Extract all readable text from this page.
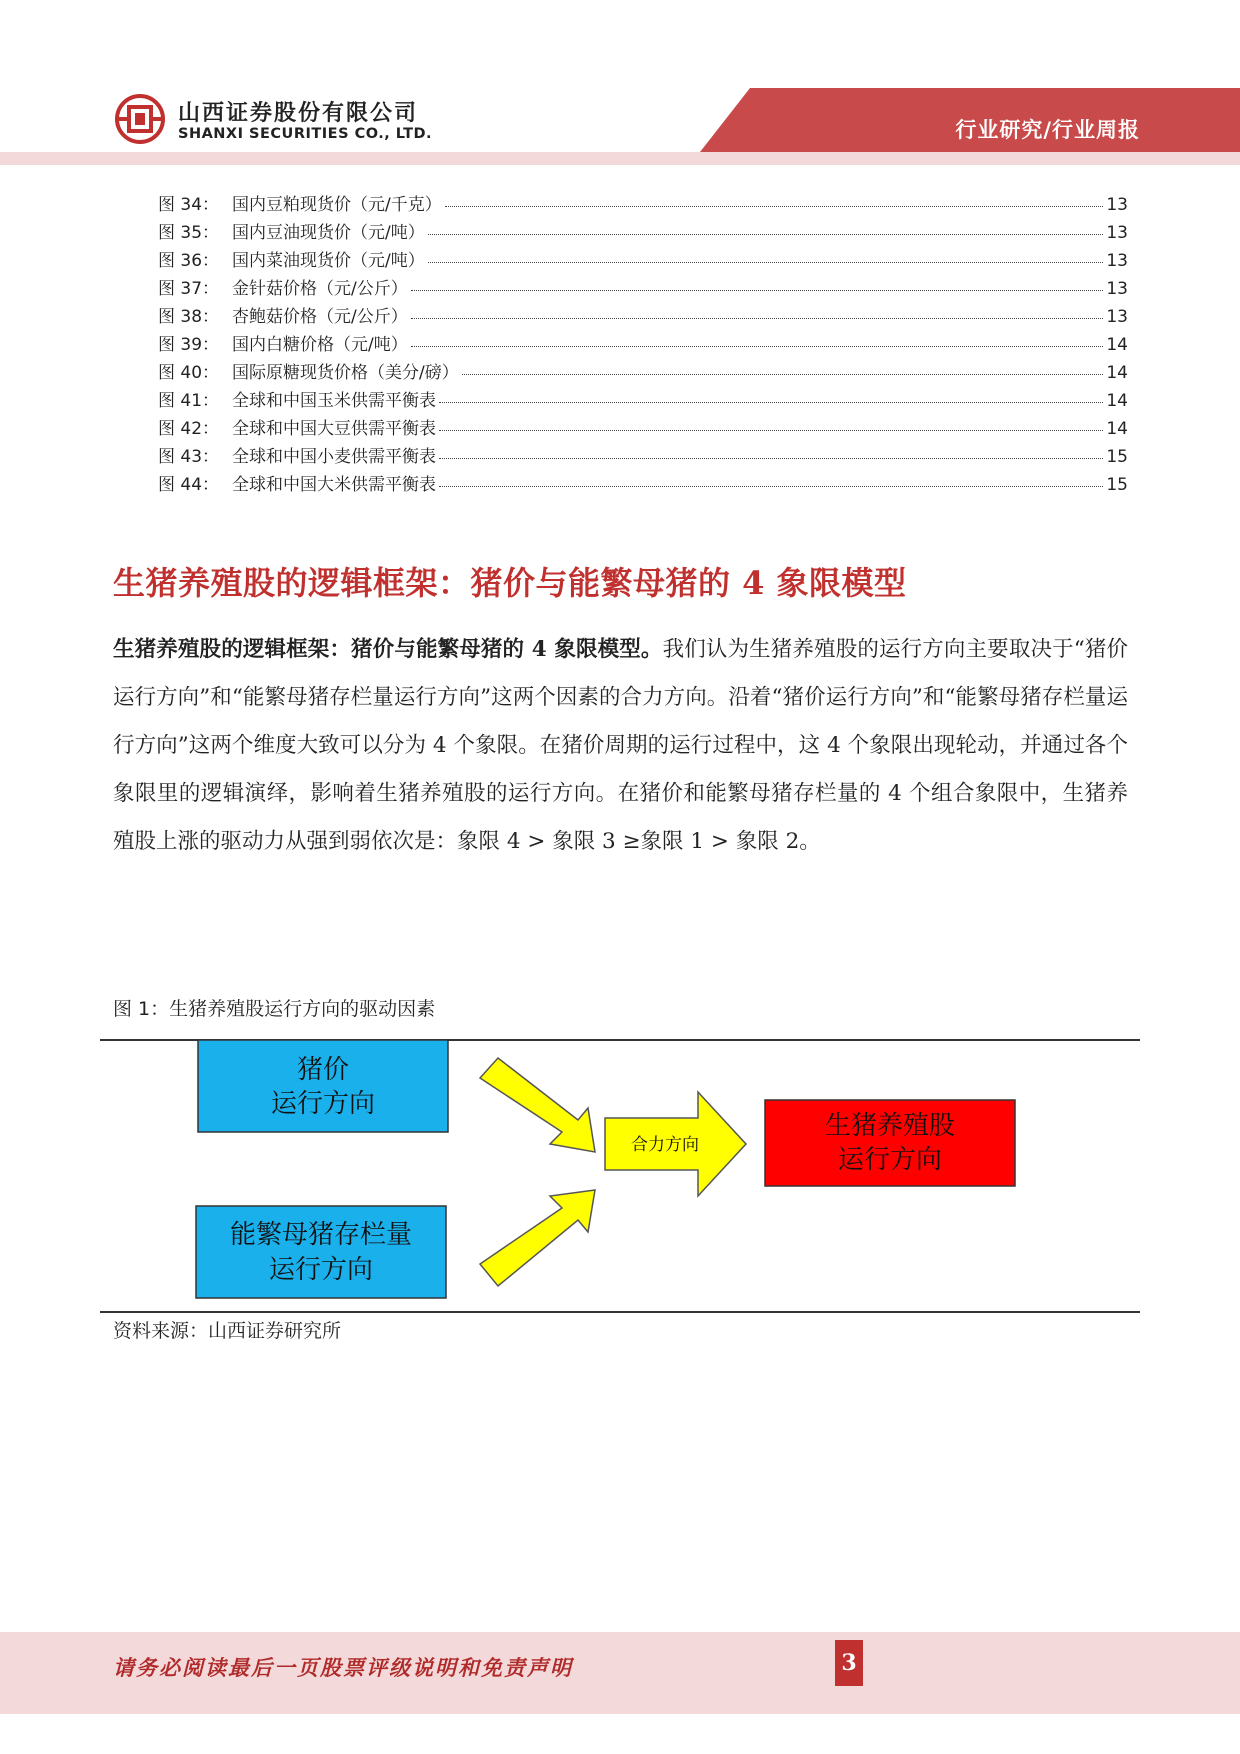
山西证券股份有限公司
SHANXI SECURITIES CO., LTD.	行业研究/行业周报
图 34： 国内豆粕现货价（元/千克）	13
图 35： 国内豆油现货价（元/吨）	13
图 36： 国内菜油现货价（元/吨）	13
图 37： 金针菇价格（元/公斤）	13
图 38： 杏鲍菇价格（元/公斤）	13
图 39： 国内白糖价格（元/吨）	14
图 40： 国际原糖现货价格（美分/磅）	14
图 41： 全球和中国玉米供需平衡表	14
图 42： 全球和中国大豆供需平衡表	14
图 43： 全球和中国小麦供需平衡表	15
图 44： 全球和中国大米供需平衡表	15
生猪养殖股的逻辑框架：猪价与能繁母猪的 4 象限模型
生猪养殖股的逻辑框架：猪价与能繁母猪的 4 象限模型。我们认为生猪养殖股的运行方向主要取决于“猪价运行方向”和“能繁母猪存栏量运行方向”这两个因素的合力方向。沿着“猪价运行方向”和“能繁母猪存栏量运行方向”这两个维度大致可以分为 4 个象限。在猪价周期的运行过程中，这 4 个象限出现轮动，并通过各个象限里的逻辑演绎，影响着生猪养殖股的运行方向。在猪价和能繁母猪存栏量的 4 个组合象限中，生猪养殖股上涨的驱动力从强到弱依次是：象限 4 > 象限 3 ≥象限 1 > 象限 2。
图 1：生猪养殖股运行方向的驱动因素
猪价
运行方向
能繁母猪存栏量
运行方向
合力方向
生猪养殖股
运行方向
资料来源：山西证券研究所
请务必阅读最后一页股票评级说明和免责声明	3
